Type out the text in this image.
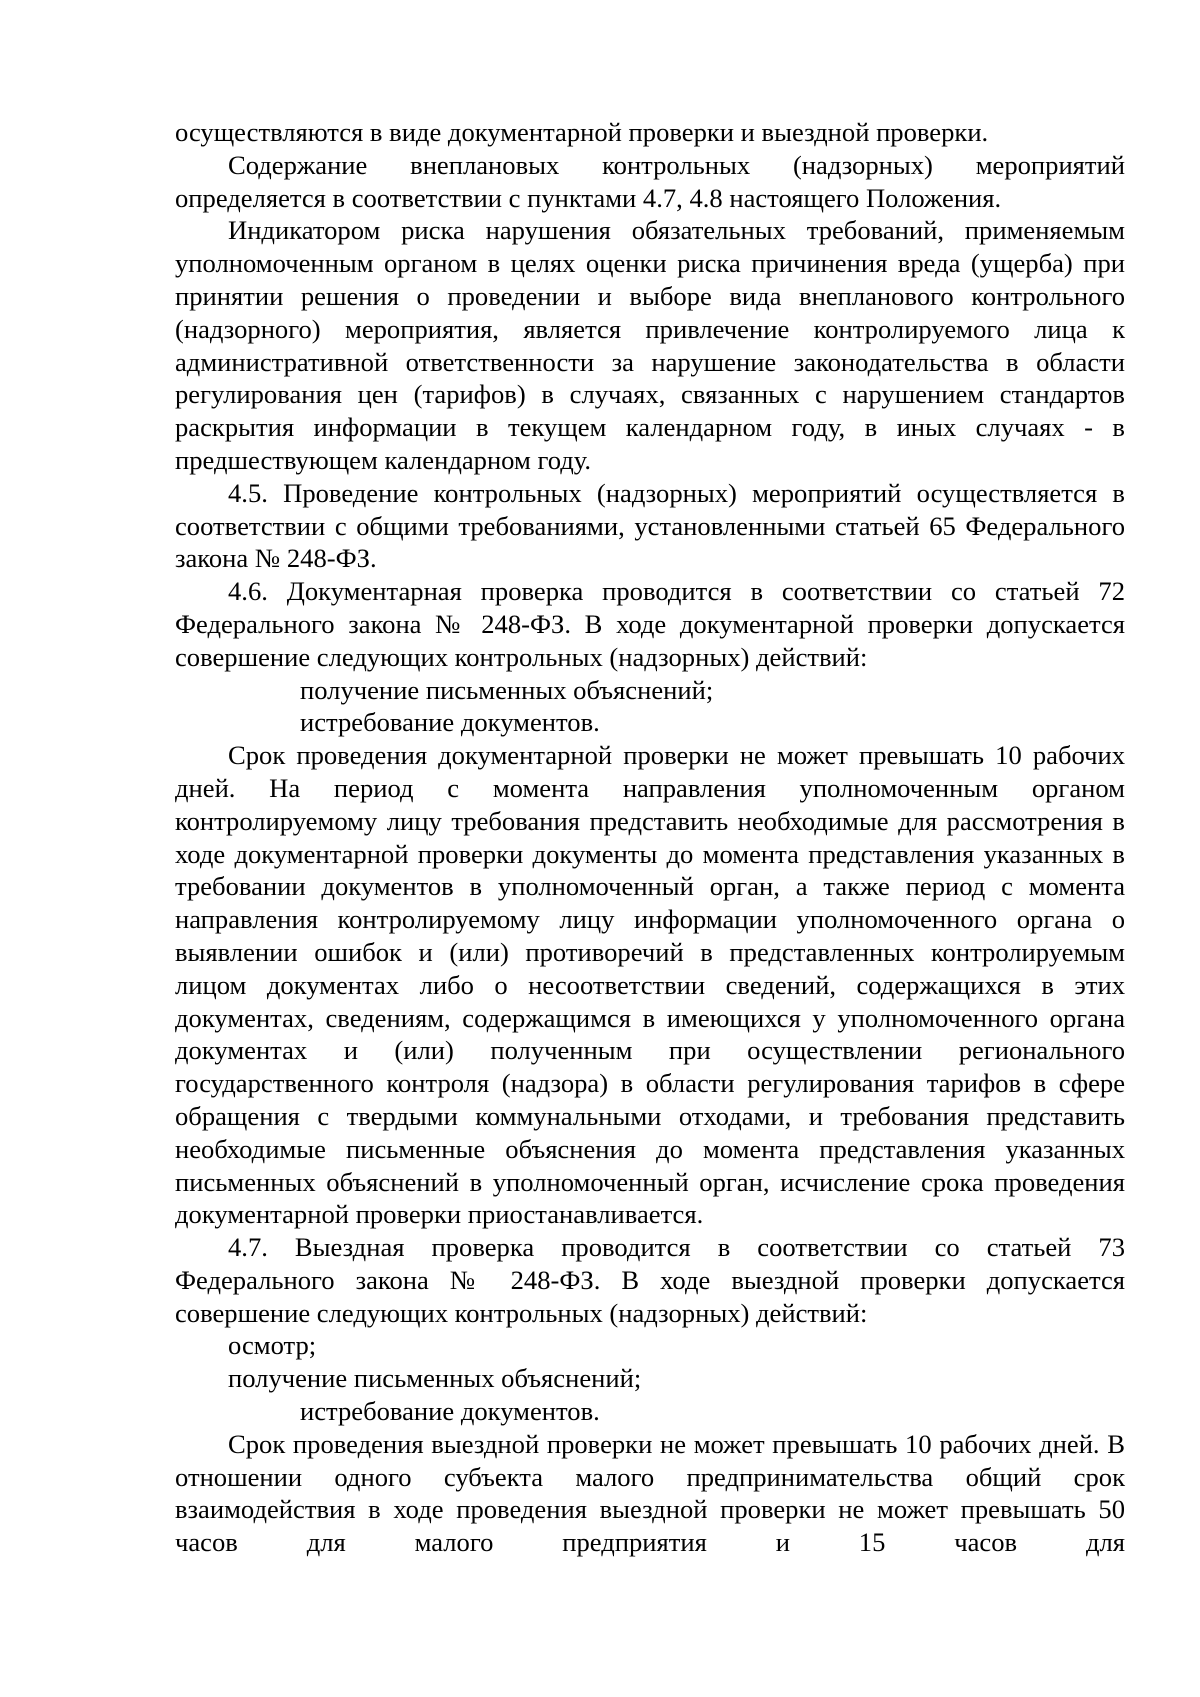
осуществляются в виде документарной проверки и выездной проверки.

Содержание внеплановых контрольных (надзорных) мероприятий определяется в соответствии с пунктами 4.7, 4.8 настоящего Положения.

Индикатором риска нарушения обязательных требований, применяемым уполномоченным органом в целях оценки риска причинения вреда (ущерба) при принятии решения о проведении и выборе вида внепланового контрольного (надзорного) мероприятия, является привлечение контролируемого лица к административной ответственности за нарушение законодательства в области регулирования цен (тарифов) в случаях, связанных с нарушением стандартов раскрытия информации в текущем календарном году, в иных случаях - в предшествующем календарном году.

4.5. Проведение контрольных (надзорных) мероприятий осуществляется в соответствии с общими требованиями, установленными статьей 65 Федерального закона № 248-ФЗ.

4.6. Документарная проверка проводится в соответствии со статьей 72 Федерального закона № 248-ФЗ. В ходе документарной проверки допускается совершение следующих контрольных (надзорных) действий:

получение письменных объяснений;

истребование документов.

Срок проведения документарной проверки не может превышать 10 рабочих дней. На период с момента направления уполномоченным органом контролируемому лицу требования представить необходимые для рассмотрения в ходе документарной проверки документы до момента представления указанных в требовании документов в уполномоченный орган, а также период с момента направления контролируемому лицу информации уполномоченного органа о выявлении ошибок и (или) противоречий в представленных контролируемым лицом документах либо о несоответствии сведений, содержащихся в этих документах, сведениям, содержащимся в имеющихся у уполномоченного органа документах и (или) полученным при осуществлении регионального государственного контроля (надзора) в области регулирования тарифов в сфере обращения с твердыми коммунальными отходами, и требования представить необходимые письменные объяснения до момента представления указанных письменных объяснений в уполномоченный орган, исчисление срока проведения документарной проверки приостанавливается.

4.7. Выездная проверка проводится в соответствии со статьей 73 Федерального закона № 248-ФЗ. В ходе выездной проверки допускается совершение следующих контрольных (надзорных) действий:

осмотр;

получение письменных объяснений;

истребование документов.

Срок проведения выездной проверки не может превышать 10 рабочих дней. В отношении одного субъекта малого предпринимательства общий срок взаимодействия в ходе проведения выездной проверки не может превышать 50 часов для малого предприятия и 15 часов для
